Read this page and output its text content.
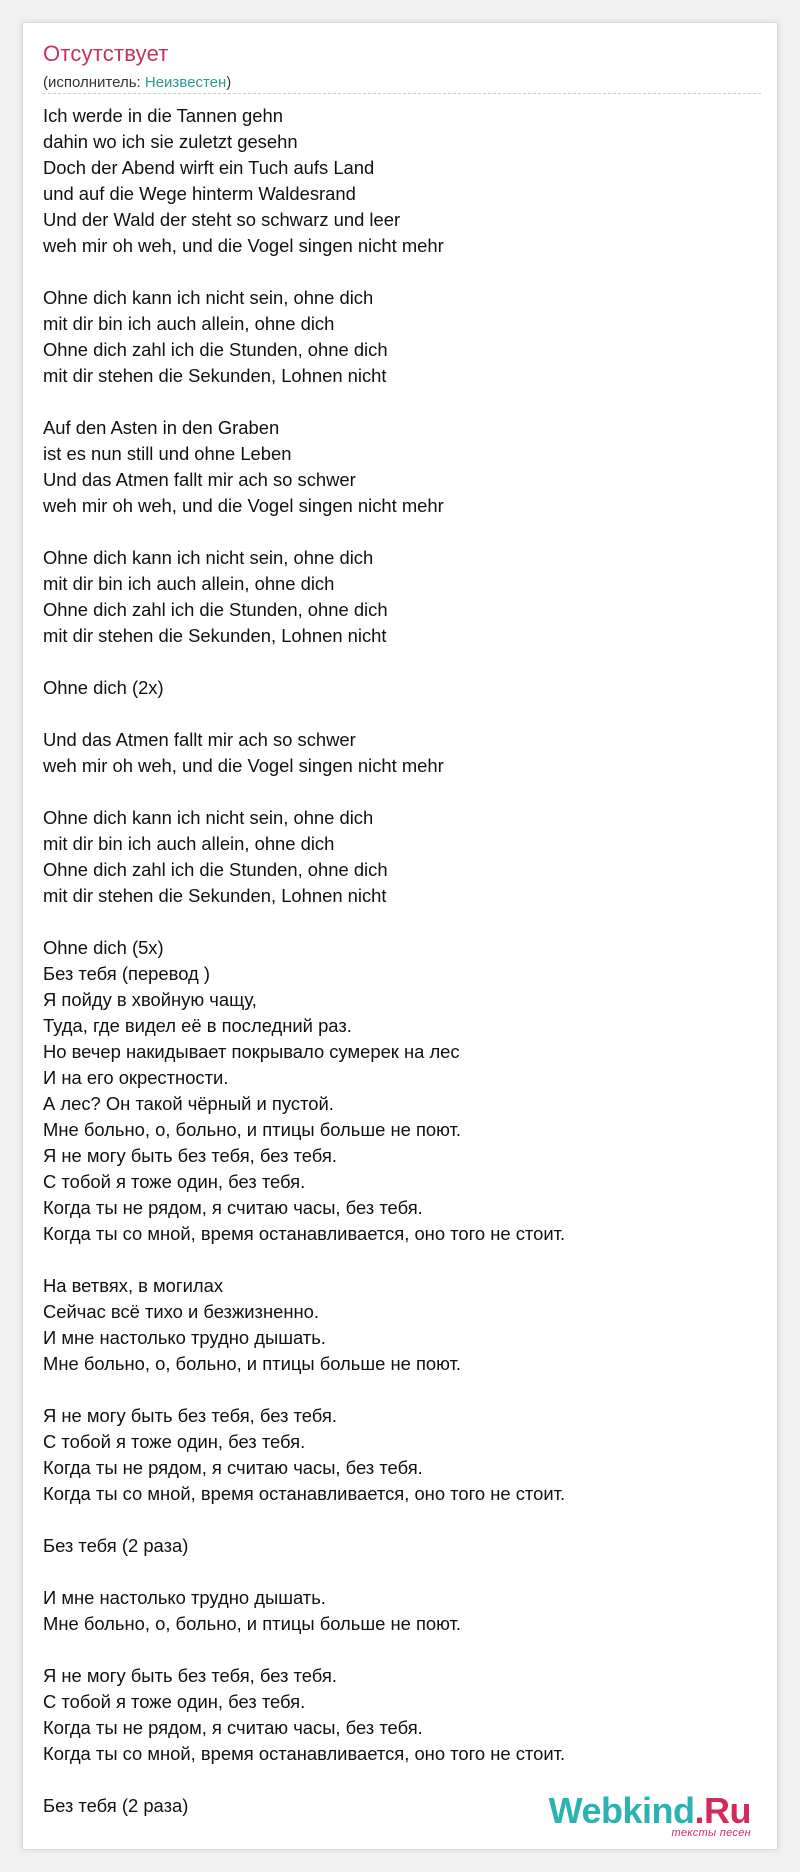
Отсутствует
(исполнитель: Неизвестен)
Ich werde in die Tannen gehn
dahin wo ich sie zuletzt gesehn
Doch der Abend wirft ein Tuch aufs Land
und auf die Wege hinterm Waldesrand
Und der Wald der steht so schwarz und leer
weh mir oh weh, und die Vogel singen nicht mehr
Ohne dich kann ich nicht sein, ohne dich
mit dir bin ich auch allein, ohne dich
Ohne dich zahl ich die Stunden, ohne dich
mit dir stehen die Sekunden, Lohnen nicht
Auf den Asten in den Graben
ist es nun still und ohne Leben
Und das Atmen fallt mir ach so schwer
weh mir oh weh, und die Vogel singen nicht mehr
Ohne dich kann ich nicht sein, ohne dich
mit dir bin ich auch allein, ohne dich
Ohne dich zahl ich die Stunden, ohne dich
mit dir stehen die Sekunden, Lohnen nicht
Ohne dich (2x)
Und das Atmen fallt mir ach so schwer
weh mir oh weh, und die Vogel singen nicht mehr
Ohne dich kann ich nicht sein, ohne dich
mit dir bin ich auch allein, ohne dich
Ohne dich zahl ich die Stunden, ohne dich
mit dir stehen die Sekunden, Lohnen nicht
Ohne dich (5x)
Без тебя (перевод )
Я пойду в хвойную чащу,
Туда, где видел её в последний раз.
Но вечер накидывает покрывало сумерек на лес
И на его окрестности.
А лес? Он такой чёрный и пустой.
Мне больно, о, больно, и птицы больше не поют.
Я не могу быть без тебя, без тебя.
С тобой я тоже один, без тебя.
Когда ты не рядом, я считаю часы, без тебя.
Когда ты со мной, время останавливается, оно того не стоит.
На ветвях, в могилах
Сейчас всё тихо и безжизненно.
И мне настолько трудно дышать.
Мне больно, о, больно, и птицы больше не поют.
Я не могу быть без тебя, без тебя.
С тобой я тоже один, без тебя.
Когда ты не рядом, я считаю часы, без тебя.
Когда ты со мной, время останавливается, оно того не стоит.
Без тебя (2 раза)
И мне настолько трудно дышать.
Мне больно, о, больно, и птицы больше не поют.
Я не могу быть без тебя, без тебя.
С тобой я тоже один, без тебя.
Когда ты не рядом, я считаю часы, без тебя.
Когда ты со мной, время останавливается, оно того не стоит.
Без тебя (2 раза)	Webkind.Ru
тексты песен
